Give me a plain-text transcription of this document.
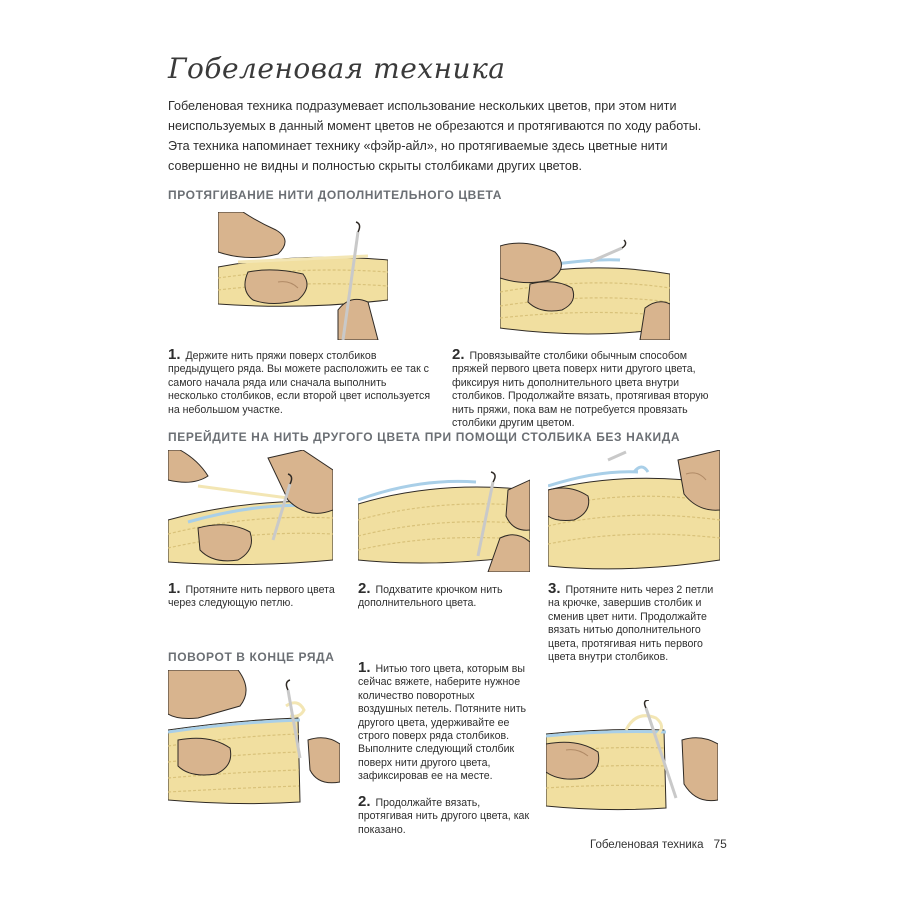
Гобеленовая техника
Гобеленовая техника подразумевает использование нескольких цветов, при этом нити неиспользуемых в данный момент цветов не обрезаются и протягиваются по ходу работы. Эта техника напоминает технику «фэйр-айл», но протягиваемые здесь цветные нити совершенно не видны и полностью скрыты столбиками других цветов.
ПРОТЯГИВАНИЕ НИТИ ДОПОЛНИТЕЛЬНОГО ЦВЕТА
1. Держите нить пряжи поверх столбиков предыдущего ряда. Вы можете расположить ее так с самого начала ряда или сначала выполнить несколько столбиков, если второй цвет используется на небольшом участке.
2. Провязывайте столбики обычным способом пряжей первого цвета поверх нити другого цвета, фиксируя нить дополнительного цвета внутри столбиков. Продолжайте вязать, протягивая вторую нить пряжи, пока вам не потребуется провязать столбики другим цветом.
ПЕРЕЙДИТЕ НА НИТЬ ДРУГОГО ЦВЕТА ПРИ ПОМОЩИ СТОЛБИКА БЕЗ НАКИДА
1. Протяните нить первого цвета через следующую петлю.
2. Подхватите крючком нить дополнительного цвета.
3. Протяните нить через 2 петли на крючке, завершив столбик и сменив цвет нити. Продолжайте вязать нитью дополнительного цвета, протягивая нить первого цвета внутри столбиков.
ПОВОРОТ В КОНЦЕ РЯДА
1. Нитью того цвета, которым вы сейчас вяжете, наберите нужное количество поворотных воздушных петель. Потяните нить другого цвета, удерживайте ее строго поверх ряда столбиков. Выполните следующий столбик поверх нити другого цвета, зафиксировав ее на месте.
2. Продолжайте вязать, протягивая нить другого цвета, как показано.
Гобеленовая техника 75
